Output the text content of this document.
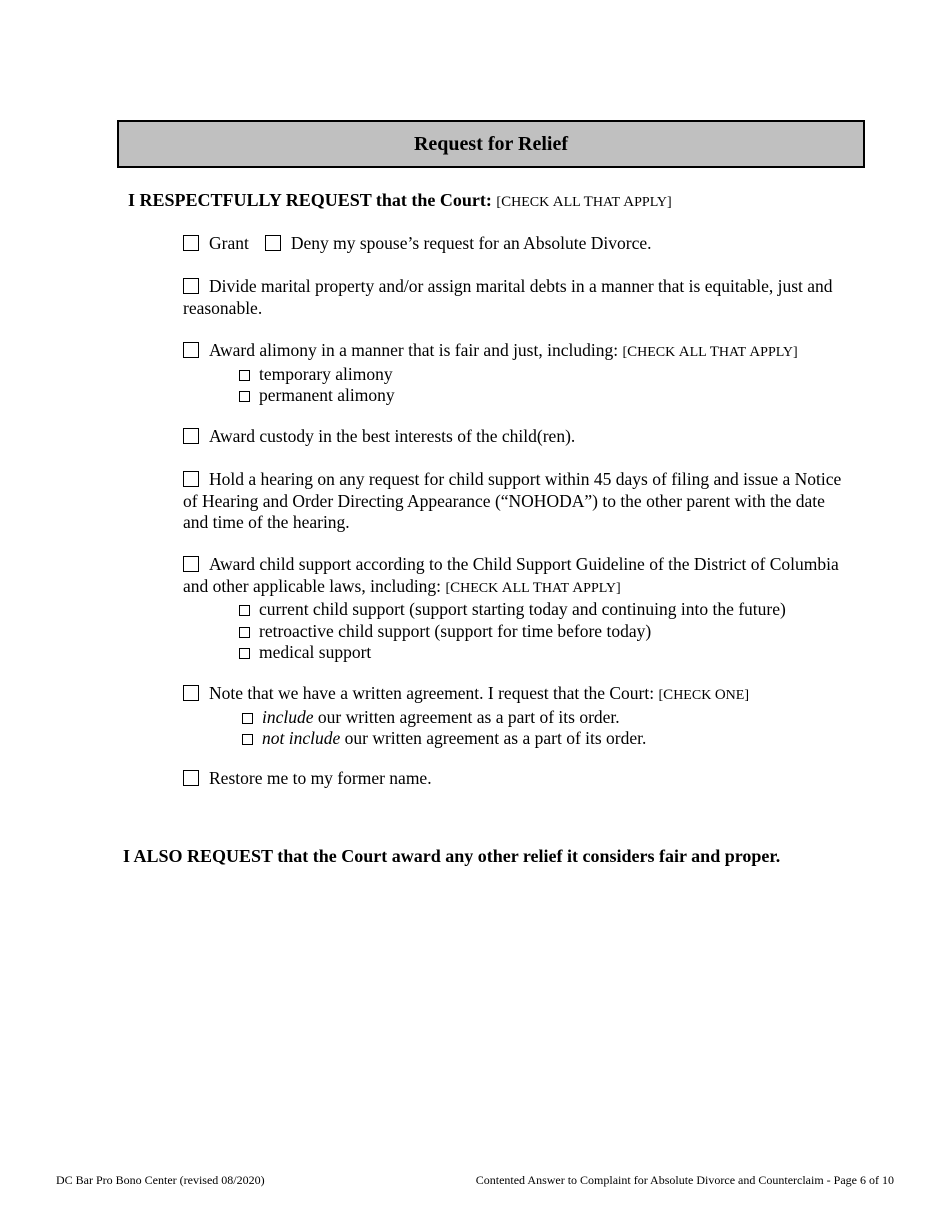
Request for Relief
I RESPECTFULLY REQUEST that the Court: [CHECK ALL THAT APPLY]
Grant Deny my spouse’s request for an Absolute Divorce.
Divide marital property and/or assign marital debts in a manner that is equitable, just and reasonable.
Award alimony in a manner that is fair and just, including: [CHECK ALL THAT APPLY]
temporary alimony
permanent alimony
Award custody in the best interests of the child(ren).
Hold a hearing on any request for child support within 45 days of filing and issue a Notice of Hearing and Order Directing Appearance (“NOHODA”) to the other parent with the date and time of the hearing.
Award child support according to the Child Support Guideline of the District of Columbia and other applicable laws, including: [CHECK ALL THAT APPLY]
current child support (support starting today and continuing into the future)
retroactive child support (support for time before today)
medical support
Note that we have a written agreement. I request that the Court: [CHECK ONE]
include our written agreement as a part of its order.
not include our written agreement as a part of its order.
Restore me to my former name.
I ALSO REQUEST that the Court award any other relief it considers fair and proper.
DC Bar Pro Bono Center (revised 08/2020)	Contented Answer to Complaint for Absolute Divorce and Counterclaim - Page 6 of 10
